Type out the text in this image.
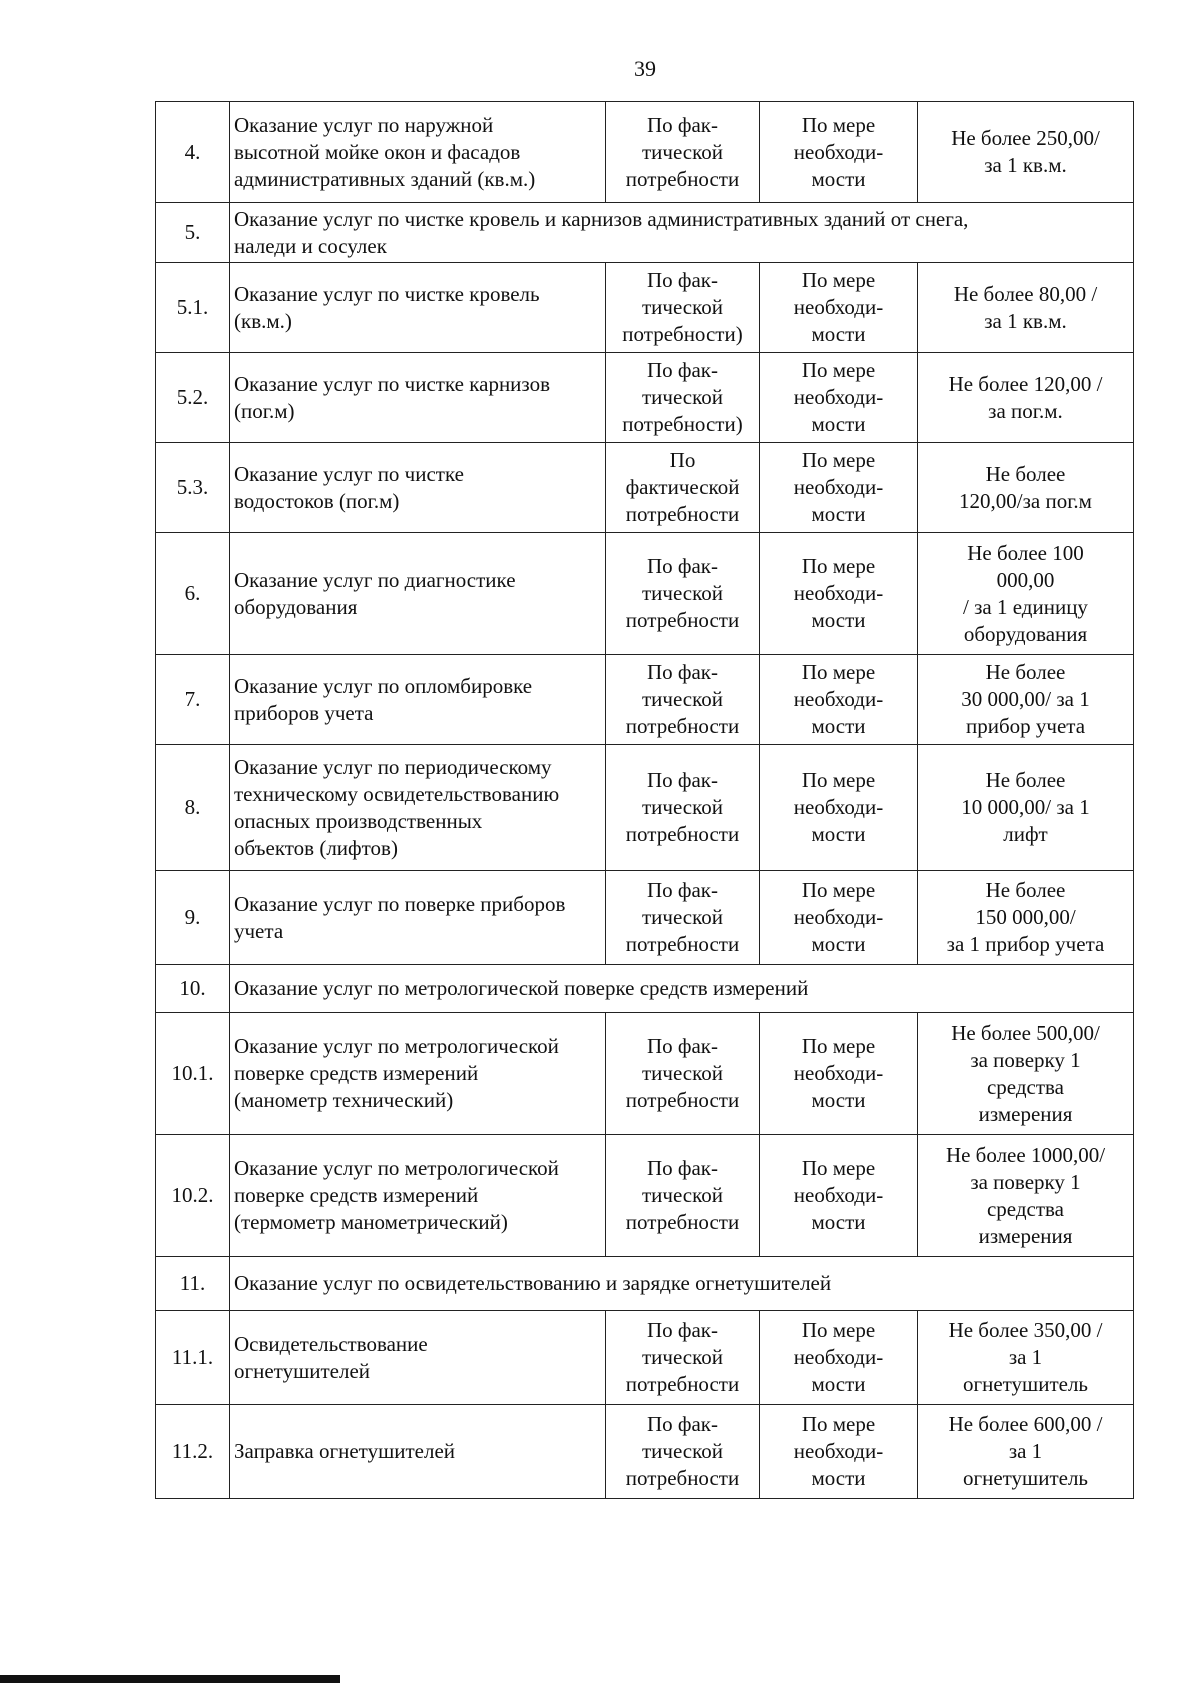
39
4.	Оказание услуг по наружной
высотной мойке окон и фасадов
административных зданий (кв.м.)	По фак-
тической
потребности	По мере
необходи-
мости	Не более 250,00/
за 1 кв.м.
5.	Оказание услуг по чистке кровель и карнизов административных зданий от снега,
наледи и сосулек			
5.1.	Оказание услуг по чистке кровель
(кв.м.)	По фак-
тической
потребности)	По мере
необходи-
мости	Не более 80,00 /
за 1 кв.м.
5.2.	Оказание услуг по чистке карнизов
(пог.м)	По фак-
тической
потребности)	По мере
необходи-
мости	Не более 120,00 /
за пог.м.
5.3.	Оказание услуг по чистке
водостоков (пог.м)	По
фактической
потребности	По мере
необходи-
мости	Не более
120,00/за пог.м
6.	Оказание услуг по диагностике
оборудования	По фак-
тической
потребности	По мере
необходи-
мости	Не более 100
000,00
/ за 1 единицу
оборудования
7.	Оказание услуг по опломбировке
приборов учета	По фак-
тической
потребности	По мере
необходи-
мости	Не более
30 000,00/ за 1
прибор учета
8.	Оказание услуг по периодическому
техническому освидетельствованию
опасных производственных
объектов (лифтов)	По фак-
тической
потребности	По мере
необходи-
мости	Не более
10 000,00/ за 1
лифт
9.	Оказание услуг по поверке приборов
учета	По фак-
тической
потребности	По мере
необходи-
мости	Не более
150 000,00/
за 1 прибор учета
10.	Оказание услуг по метрологической поверке средств измерений			
10.1.	Оказание услуг по метрологической
поверке средств измерений
(манометр технический)	По фак-
тической
потребности	По мере
необходи-
мости	Не более 500,00/
за поверку 1
средства
измерения
10.2.	Оказание услуг по метрологической
поверке средств измерений
(термометр манометрический)	По фак-
тической
потребности	По мере
необходи-
мости	Не более 1000,00/
за поверку 1
средства
измерения
11.	Оказание услуг по освидетельствованию и зарядке огнетушителей			
11.1.	Освидетельствование
огнетушителей	По фак-
тической
потребности	По мере
необходи-
мости	Не более 350,00 /
за 1
огнетушитель
11.2.	Заправка огнетушителей	По фак-
тической
потребности	По мере
необходи-
мости	Не более 600,00 /
за 1
огнетушитель
